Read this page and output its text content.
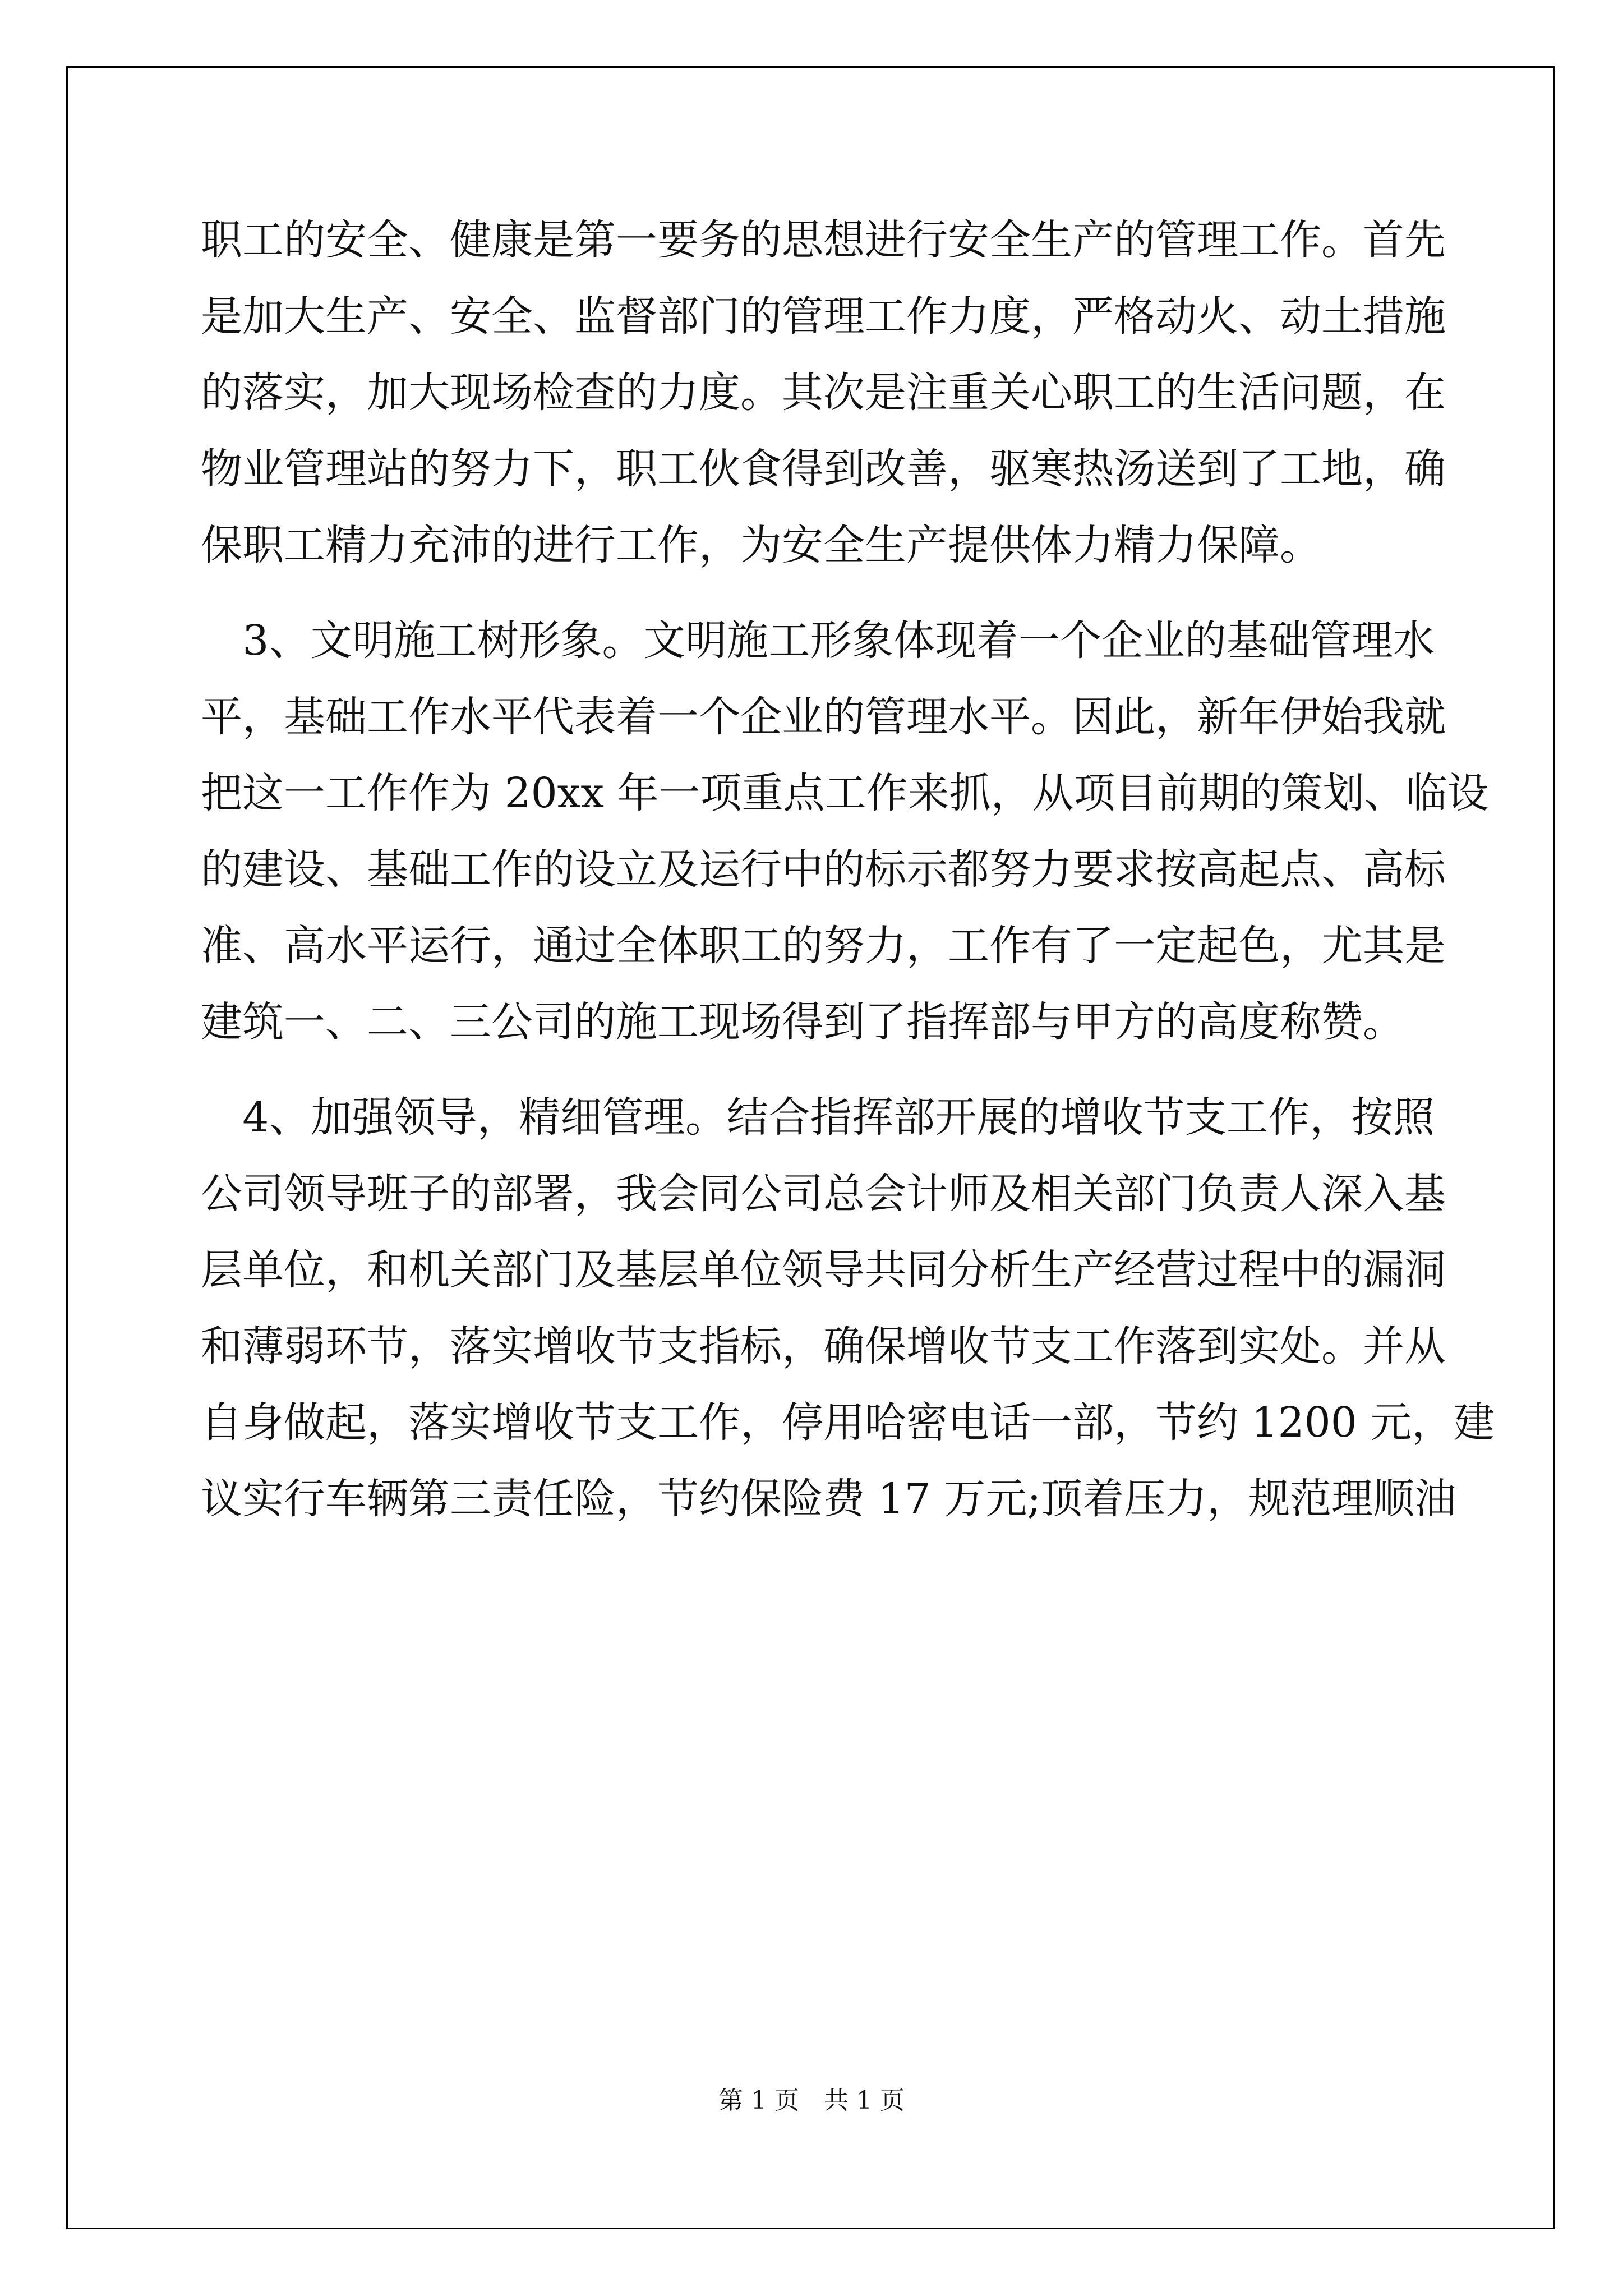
职工的安全、健康是第一要务的思想进行安全生产的管理工作。首先
是加大生产、安全、监督部门的管理工作力度，严格动火、动土措施
的落实，加大现场检查的力度。其次是注重关心职工的生活问题，在
物业管理站的努力下，职工伙食得到改善，驱寒热汤送到了工地，确
保职工精力充沛的进行工作，为安全生产提供体力精力保障。
　3、文明施工树形象。文明施工形象体现着一个企业的基础管理水
平，基础工作水平代表着一个企业的管理水平。因此，新年伊始我就
把这一工作作为 20xx 年一项重点工作来抓，从项目前期的策划、临设
的建设、基础工作的设立及运行中的标示都努力要求按高起点、高标
准、高水平运行，通过全体职工的努力，工作有了一定起色，尤其是
建筑一、二、三公司的施工现场得到了指挥部与甲方的高度称赞。
　4、加强领导，精细管理。结合指挥部开展的增收节支工作，按照
公司领导班子的部署，我会同公司总会计师及相关部门负责人深入基
层单位，和机关部门及基层单位领导共同分析生产经营过程中的漏洞
和薄弱环节，落实增收节支指标，确保增收节支工作落到实处。并从
自身做起，落实增收节支工作，停用哈密电话一部，节约 1200 元，建
议实行车辆第三责任险，节约保险费 17 万元;顶着压力，规范理顺油
第 1 页　共 1 页
